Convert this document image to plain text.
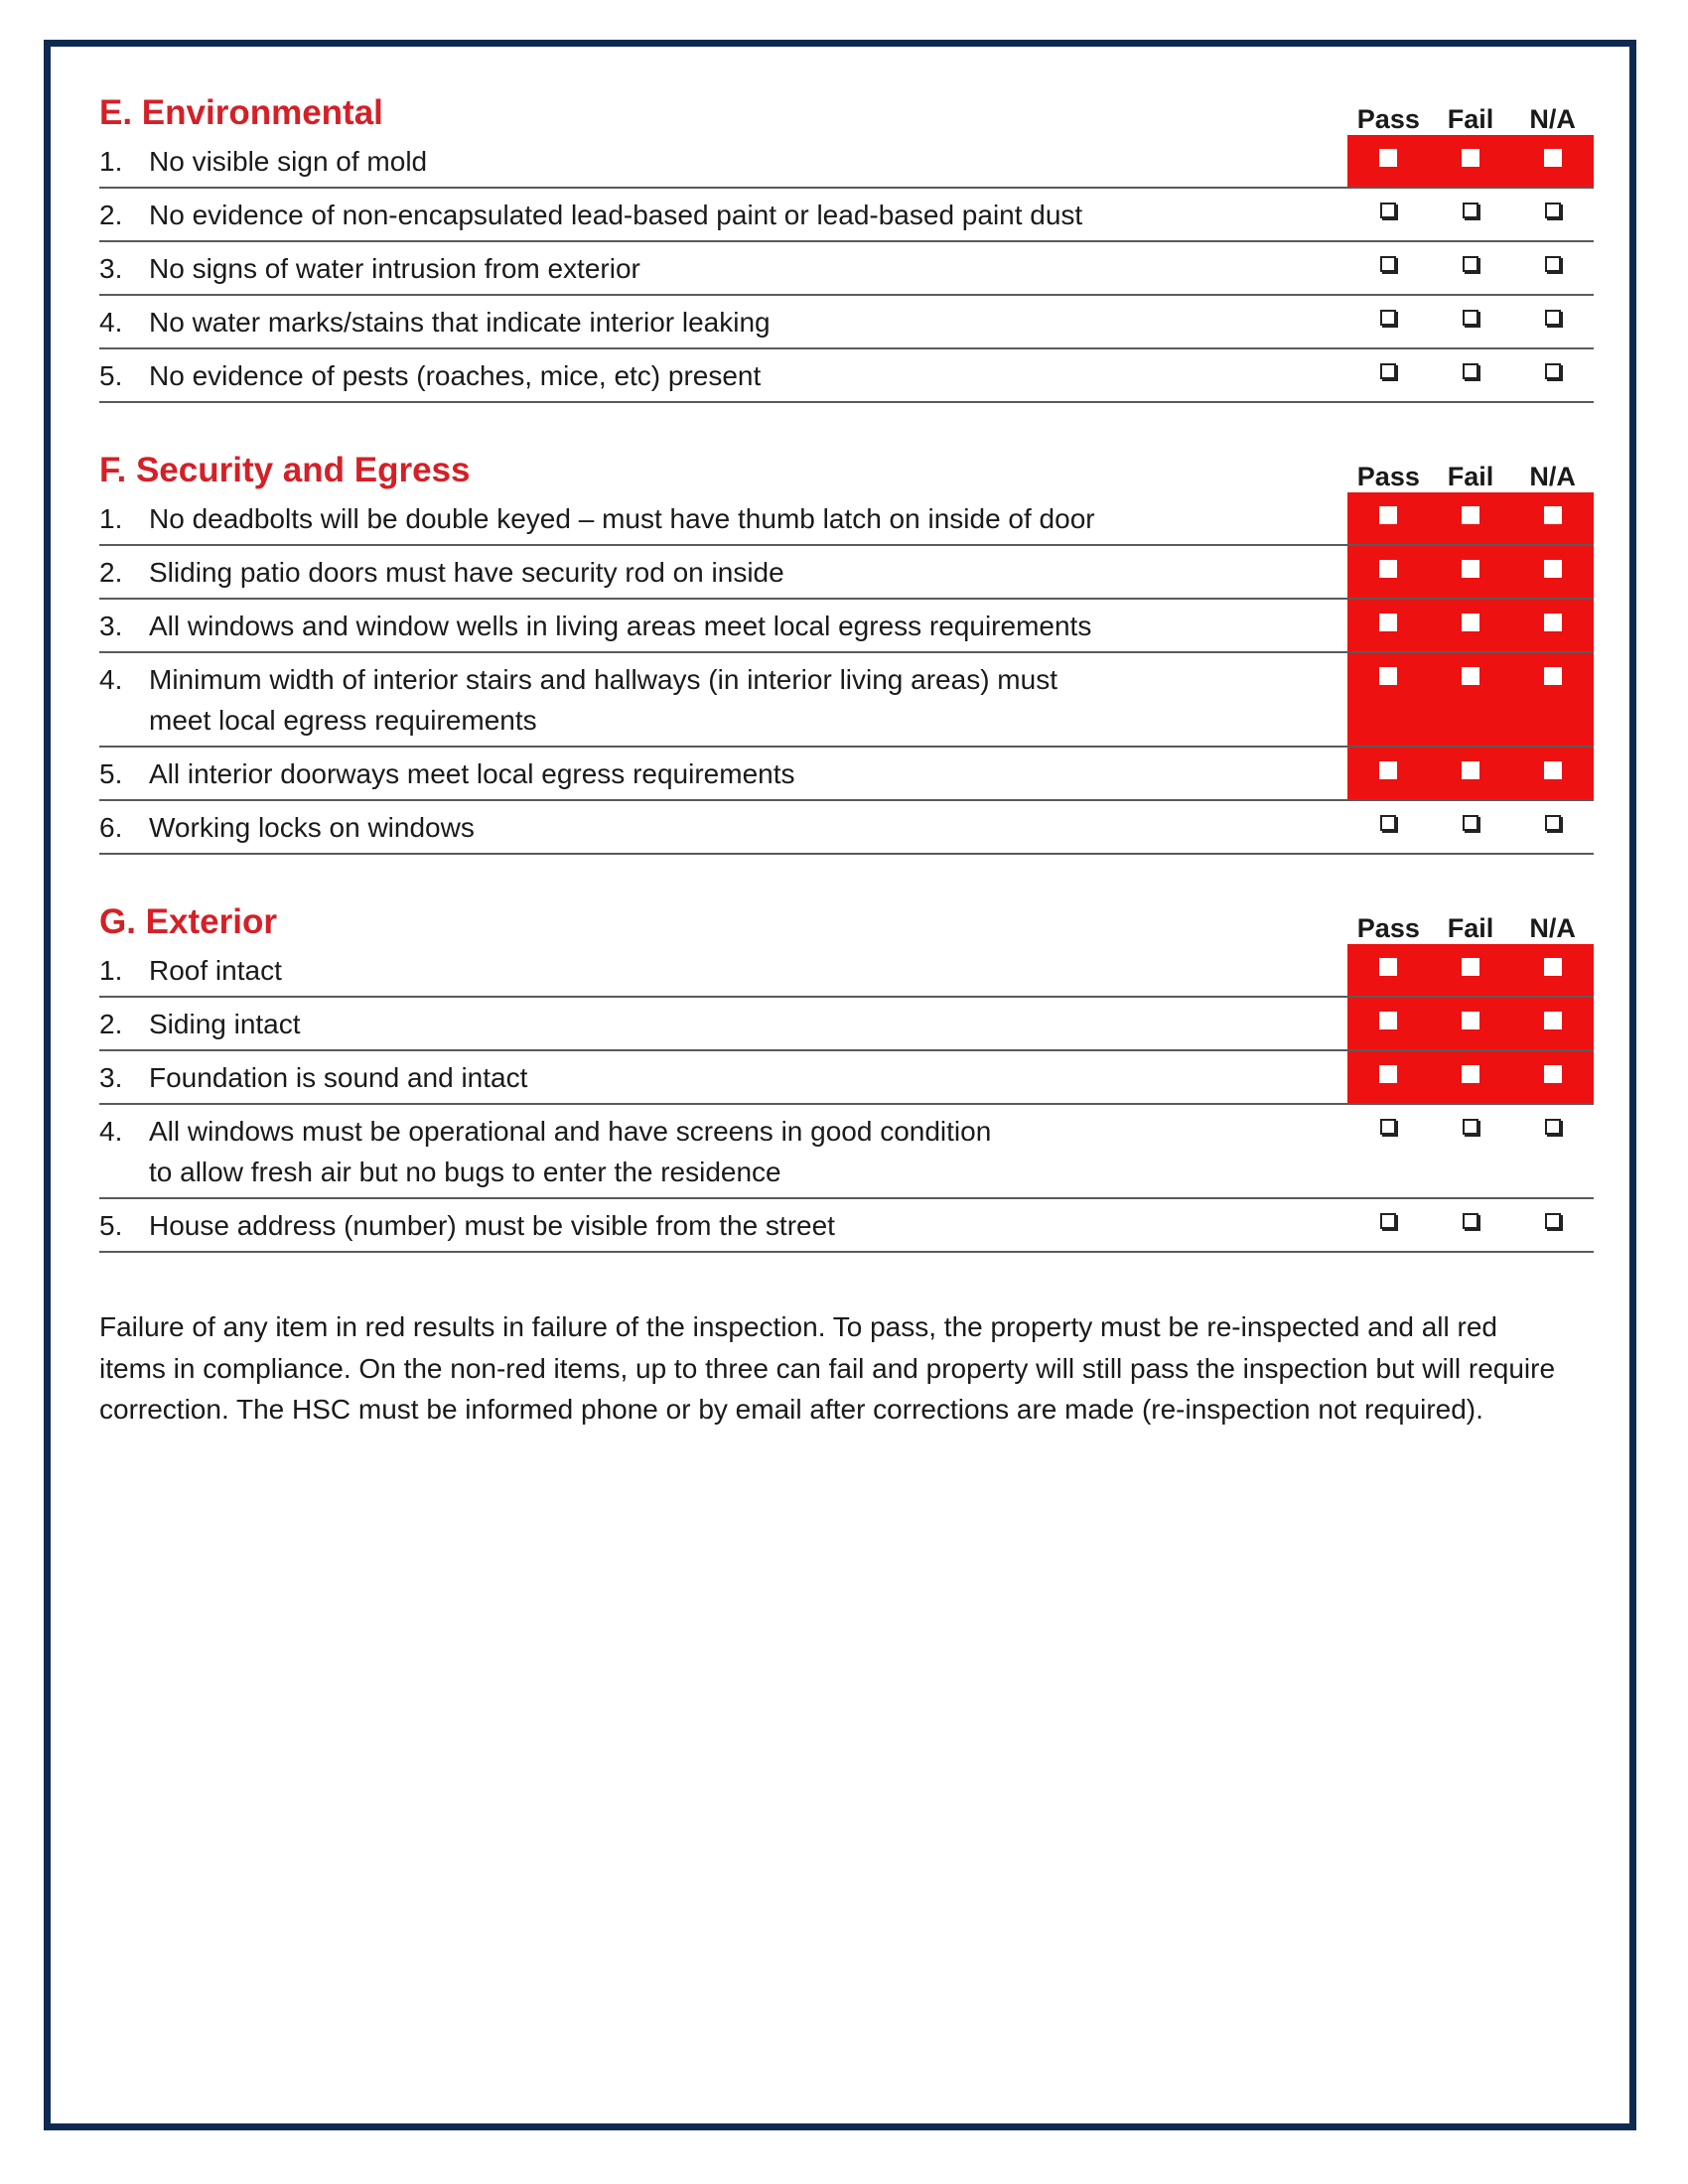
E. Environmental	Pass	Fail	N/A
1. No visible sign of mold
2. No evidence of non-encapsulated lead-based paint or lead-based paint dust
3. No signs of water intrusion from exterior
4. No water marks/stains that indicate interior leaking
5. No evidence of pests (roaches, mice, etc) present
F. Security and Egress	Pass	Fail	N/A
1. No deadbolts will be double keyed – must have thumb latch on inside of door
2. Sliding patio doors must have security rod on inside
3. All windows and window wells in living areas meet local egress requirements
4. Minimum width of interior stairs and hallways (in interior living areas) must
meet local egress requirements
5. All interior doorways meet local egress requirements
6. Working locks on windows
G. Exterior	Pass	Fail	N/A
1. Roof intact
2. Siding intact
3. Foundation is sound and intact
4. All windows must be operational and have screens in good condition
to allow fresh air but no bugs to enter the residence
5. House address (number) must be visible from the street

Failure of any item in red results in failure of the inspection. To pass, the property must be re-inspected and all red items in compliance. On the non-red items, up to three can fail and property will still pass the inspection but will require correction. The HSC must be informed phone or by email after corrections are made (re-inspection not required).
